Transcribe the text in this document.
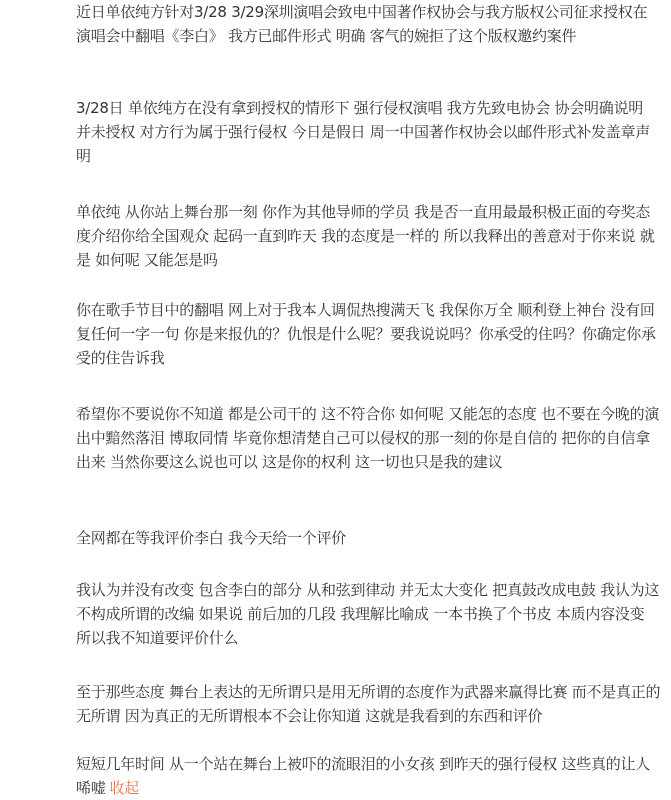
近日单依纯方针对3/28 3/29深圳演唱会致电中国著作权协会与我方版权公司征求授权在演唱会中翻唱《李白》 我方已邮件形式 明确 客气的婉拒了这个版权邀约案件

3/28日 单依纯方在没有拿到授权的情形下 强行侵权演唱 我方先致电协会 协会明确说明 并未授权 对方行为属于强行侵权 今日是假日 周一中国著作权协会以邮件形式补发盖章声明

单依纯 从你站上舞台那一刻 你作为其他导师的学员 我是否一直用最最积极正面的夸奖态度介绍你给全国观众 起码一直到昨天 我的态度是一样的 所以我释出的善意对于你来说 就是 如何呢 又能怎是吗

你在歌手节目中的翻唱 网上对于我本人调侃热搜满天飞 我保你万全 顺利登上神台 没有回复任何一字一句 你是来报仇的？仇恨是什么呢？要我说说吗？你承受的住吗？你确定你承受的住告诉我

希望你不要说你不知道 都是公司干的 这不符合你 如何呢 又能怎的态度 也不要在今晚的演出中黯然落泪 博取同情 毕竟你想清楚自己可以侵权的那一刻的你是自信的 把你的自信拿出来 当然你要这么说也可以 这是你的权利 这一切也只是我的建议

全网都在等我评价李白 我今天给一个评价

我认为并没有改变 包含李白的部分 从和弦到律动 并无太大变化 把真鼓改成电鼓 我认为这不构成所谓的改编 如果说 前后加的几段 我理解比喻成 一本书换了个书皮 本质内容没变 所以我不知道要评价什么

至于那些态度 舞台上表达的无所谓只是用无所谓的态度作为武器来赢得比赛 而不是真正的无所谓 因为真正的无所谓根本不会让你知道 这就是我看到的东西和评价

短短几年时间 从一个站在舞台上被吓的流眼泪的小女孩 到昨天的强行侵权 这些真的让人唏嘘 收起
